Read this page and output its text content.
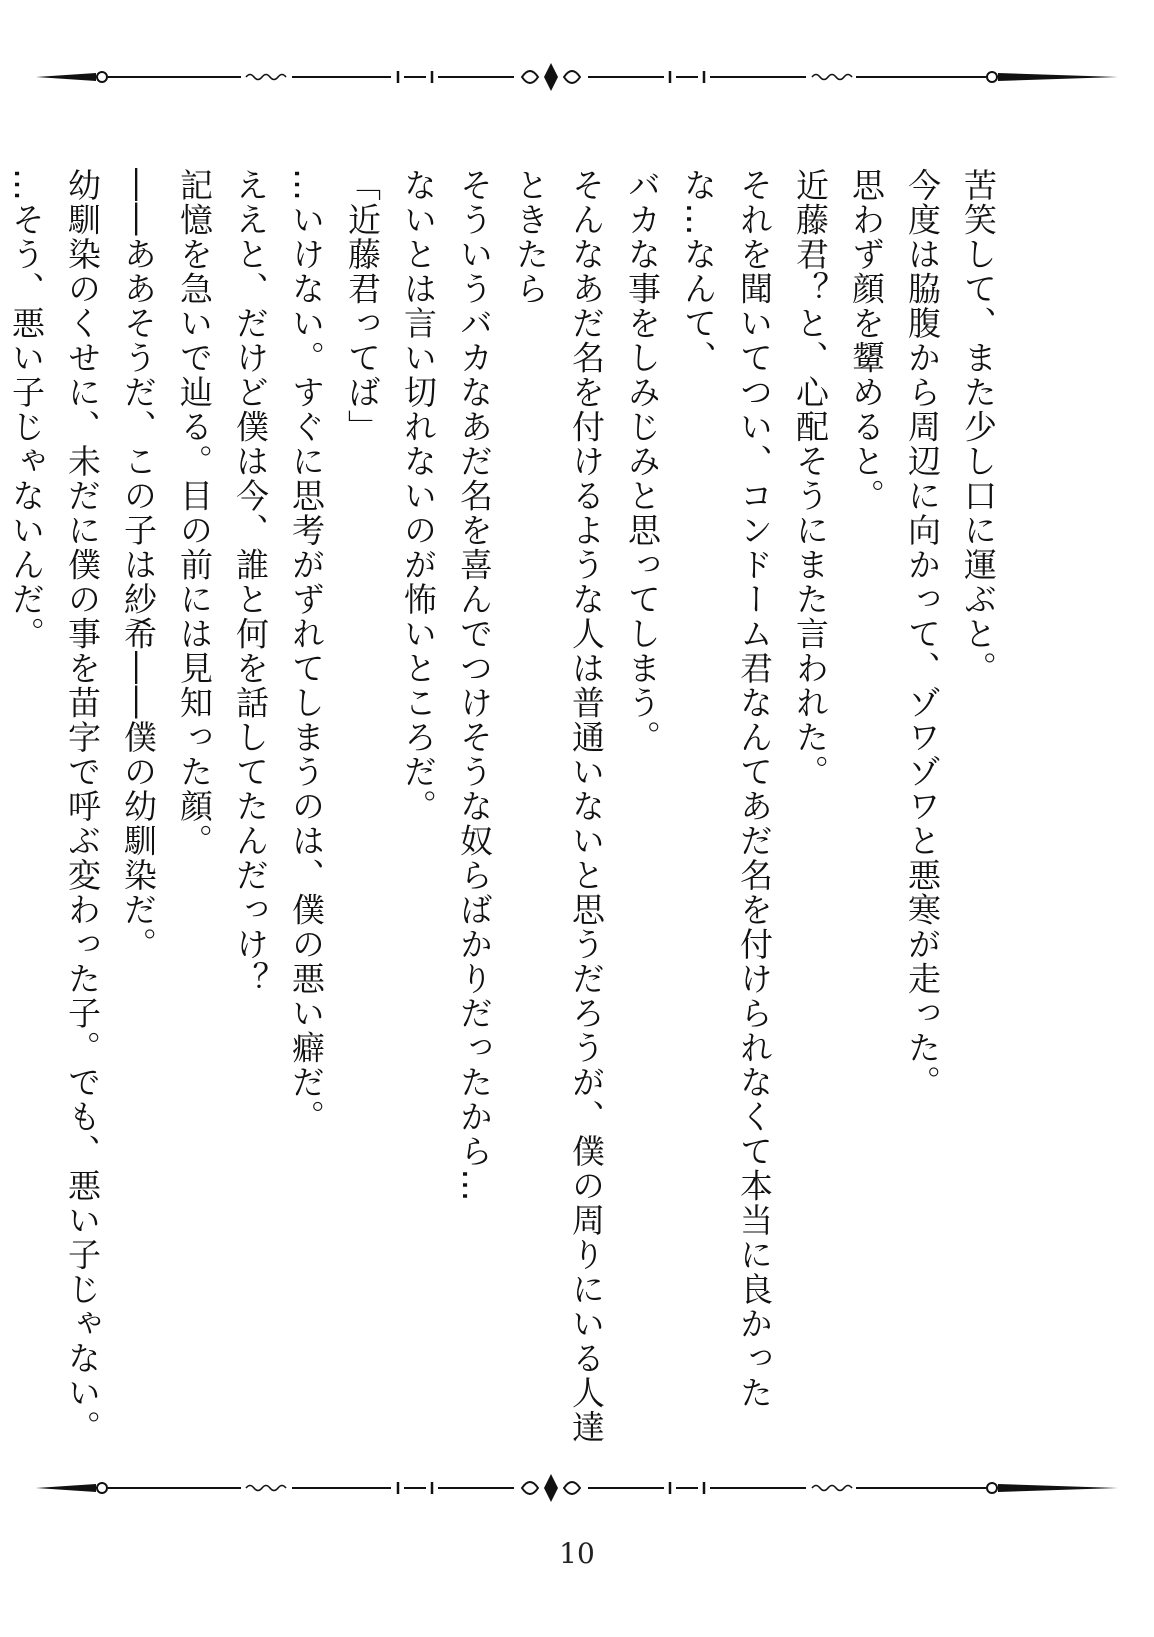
苦笑して、また少し口に運ぶと。

今度は脇腹から周辺に向かって、ゾワゾワと悪寒が走った。

思わず顔を顰めると。

近藤君？と、心配そうにまた言われた。

それを聞いてつい、コンドーム君なんてあだ名を付けられなくて本当に良かったな…なんて、

バカな事をしみじみと思ってしまう。

そんなあだ名を付けるような人は普通いないと思うだろうが、僕の周りにいる人達ときたら

そういうバカなあだ名を喜んでつけそうな奴らばかりだったから…

ないとは言い切れないのが怖いところだ。

「近藤君ってば」

…いけない。すぐに思考がずれてしまうのは、僕の悪い癖だ。

ええと、だけど僕は今、誰と何を話してたんだっけ？

記憶を急いで辿る。目の前には見知った顔。

――ああそうだ、この子は紗希――僕の幼馴染だ。

幼馴染のくせに、未だに僕の事を苗字で呼ぶ変わった子。でも、悪い子じゃない。

…そう、悪い子じゃないんだ。

10
